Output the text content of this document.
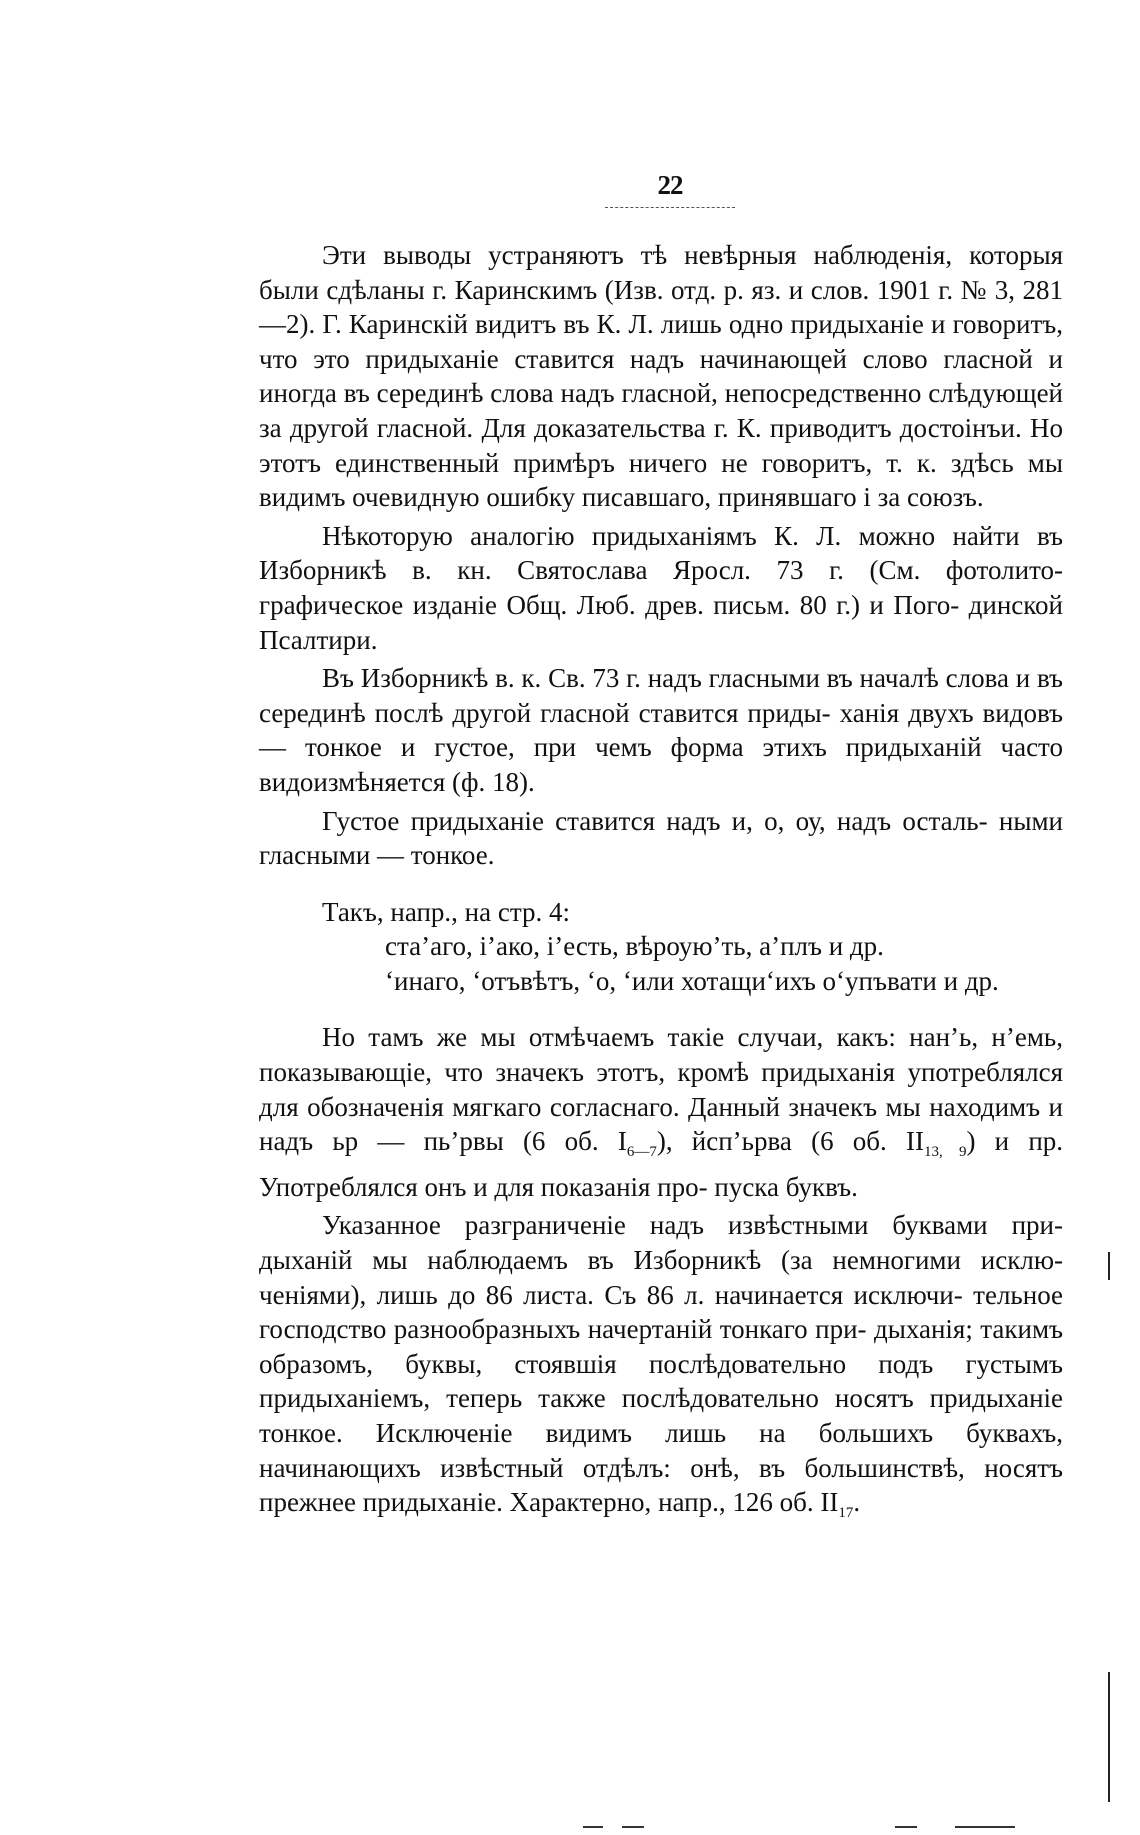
22

Эти выводы устраняютъ тѣ невѣрныя наблюденія, которыя были сдѣланы г. Каринскимъ (Изв. отд. р. яз. и слов. 1901 г. № 3, 281—2). Г. Каринскій видитъ въ К. Л. лишь одно придыханіе и говоритъ, что это придыханіе ставится надъ начинающей слово гласной и иногда въ серединѣ слова надъ гласной, непосредственно слѣдующей за другой гласной. Для доказательства г. К. приводитъ достоінъи. Но этотъ единственный примѣръ ничего не говоритъ, т. к. здѣсь мы видимъ очевидную ошибку писавшаго, принявшаго і за союзъ.

Нѣкоторую аналогію придыханіямъ К. Л. можно найти въ Изборникѣ в. кн. Святослава Яросл. 73 г. (См. фотолито- графическое изданіе Общ. Люб. древ. письм. 80 г.) и Пого- динской Псалтири.

Въ Изборникѣ в. к. Св. 73 г. надъ гласными въ началѣ слова и въ серединѣ послѣ другой гласной ставится приды- ханія двухъ видовъ — тонкое и густое, при чемъ форма этихъ придыханій часто видоизмѣняется (ф. 18).

Густое придыханіе ставится надъ и, о, оу, надъ осталь- ными гласными — тонкое.

Такъ, напр., на стр. 4:

ста’аго, і’ако, і’есть, вѣроую’ть, а’плъ и др.

‘инаго, ‘отъвѣтъ, ‘о, ‘или хотащи‘ихъ о‘упъвати и др.

Но тамъ же мы отмѣчаемъ такіе случаи, какъ: нан’ь, н’емь, показывающіе, что значекъ этотъ, кромѣ придыханія употреблялся для обозначенія мягкаго согласнаго. Данный значекъ мы находимъ и надъ ьр — пь’рвы (6 об. $I_{6—7}$), йсп’ьрва (6 об. $II_{13, 9}$) и пр. Употреблялся онъ и для показанія про- пуска буквъ.

Указанное разграниченіе надъ извѣстными буквами при- дыханій мы наблюдаемъ въ Изборникѣ (за немногими исклю- ченіями), лишь до 86 листа. Съ 86 л. начинается исключи- тельное господство разнообразныхъ начертаній тонкаго при- дыханія; такимъ образомъ, буквы, стоявшія послѣдовательно подъ густымъ придыханіемъ, теперь также послѣдовательно носятъ придыханіе тонкое. Исключеніе видимъ лишь на большихъ буквахъ, начинающихъ извѣстный отдѣлъ: онѣ, въ большинствѣ, носятъ прежнее придыханіе. Характерно, напр., 126 об. $II_{17}$.
